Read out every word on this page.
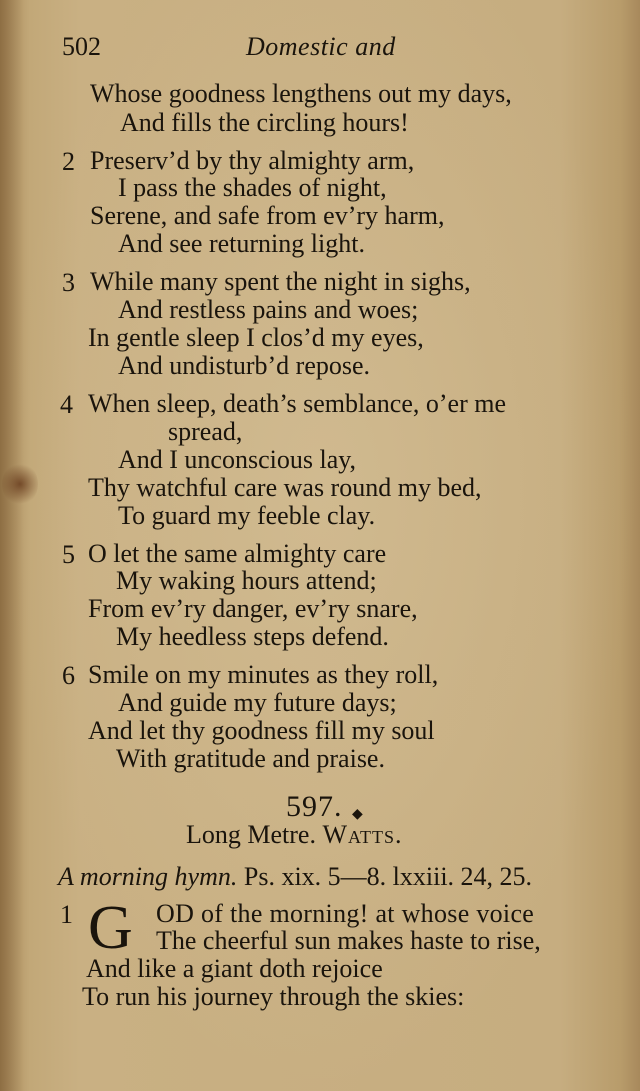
502	Domestic and
Whose goodness lengthens out my days,
And fills the circling hours!
2 Preserv’d by thy almighty arm,
I pass the shades of night,
Serene, and safe from ev’ry harm,
And see returning light.
3 While many spent the night in sighs,
And restless pains and woes;
In gentle sleep I clos’d my eyes,
And undisturb’d repose.
4 When sleep, death’s semblance, o’er me
spread,
And I unconscious lay,
Thy watchful care was round my bed,
To guard my feeble clay.
5 O let the same almighty care
My waking hours attend;
From ev’ry danger, ev’ry snare,
My heedless steps defend.
6 Smile on my minutes as they roll,
And guide my future days;
And let thy goodness fill my soul
With gratitude and praise.
597.
Long Metre. Watts.
◆
A morning hymn. Ps. xix. 5—8. lxxiii. 24, 25.
1 G OD of the morning! at whose voice
The cheerful sun makes haste to rise,
And like a giant doth rejoice
To run his journey through the skies:
